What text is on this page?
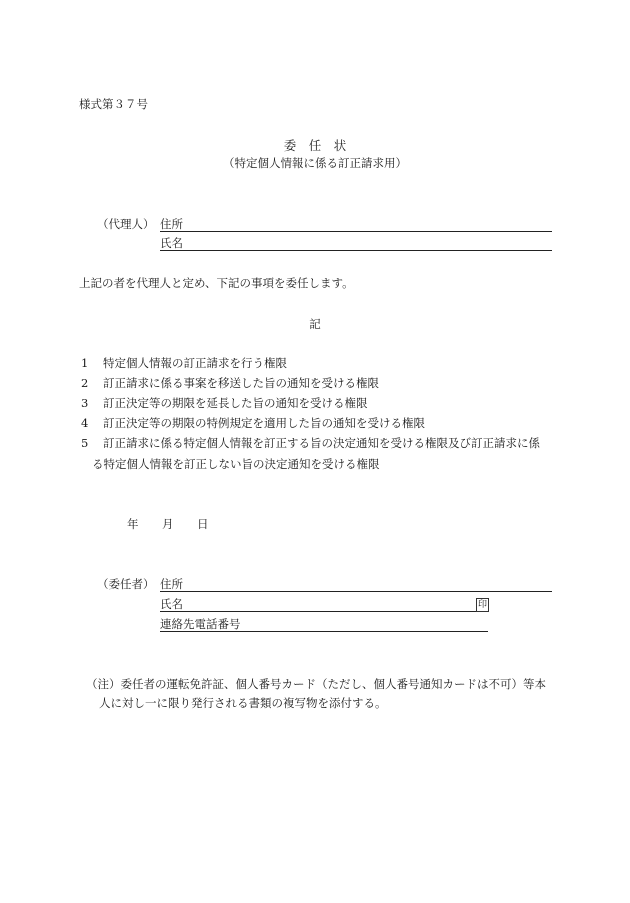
様式第３７号
委　任　状
（特定個人情報に係る訂正請求用）
（代理人） 住所
氏名
上記の者を代理人と定め、下記の事項を委任します。
記
1 特定個人情報の訂正請求を行う権限
2 訂正請求に係る事案を移送した旨の通知を受ける権限
3 訂正決定等の期限を延長した旨の通知を受ける権限
4 訂正決定等の期限の特例規定を適用した旨の通知を受ける権限
5 訂正請求に係る特定個人情報を訂正する旨の決定通知を受ける権限及び訂正請求に係
る特定個人情報を訂正しない旨の決定通知を受ける権限
年 月 日
（委任者） 住所
氏名	印
連絡先電話番号
（注）委任者の運転免許証、個人番号カード（ただし、個人番号通知カードは不可）等本
人に対し一に限り発行される書類の複写物を添付する。
